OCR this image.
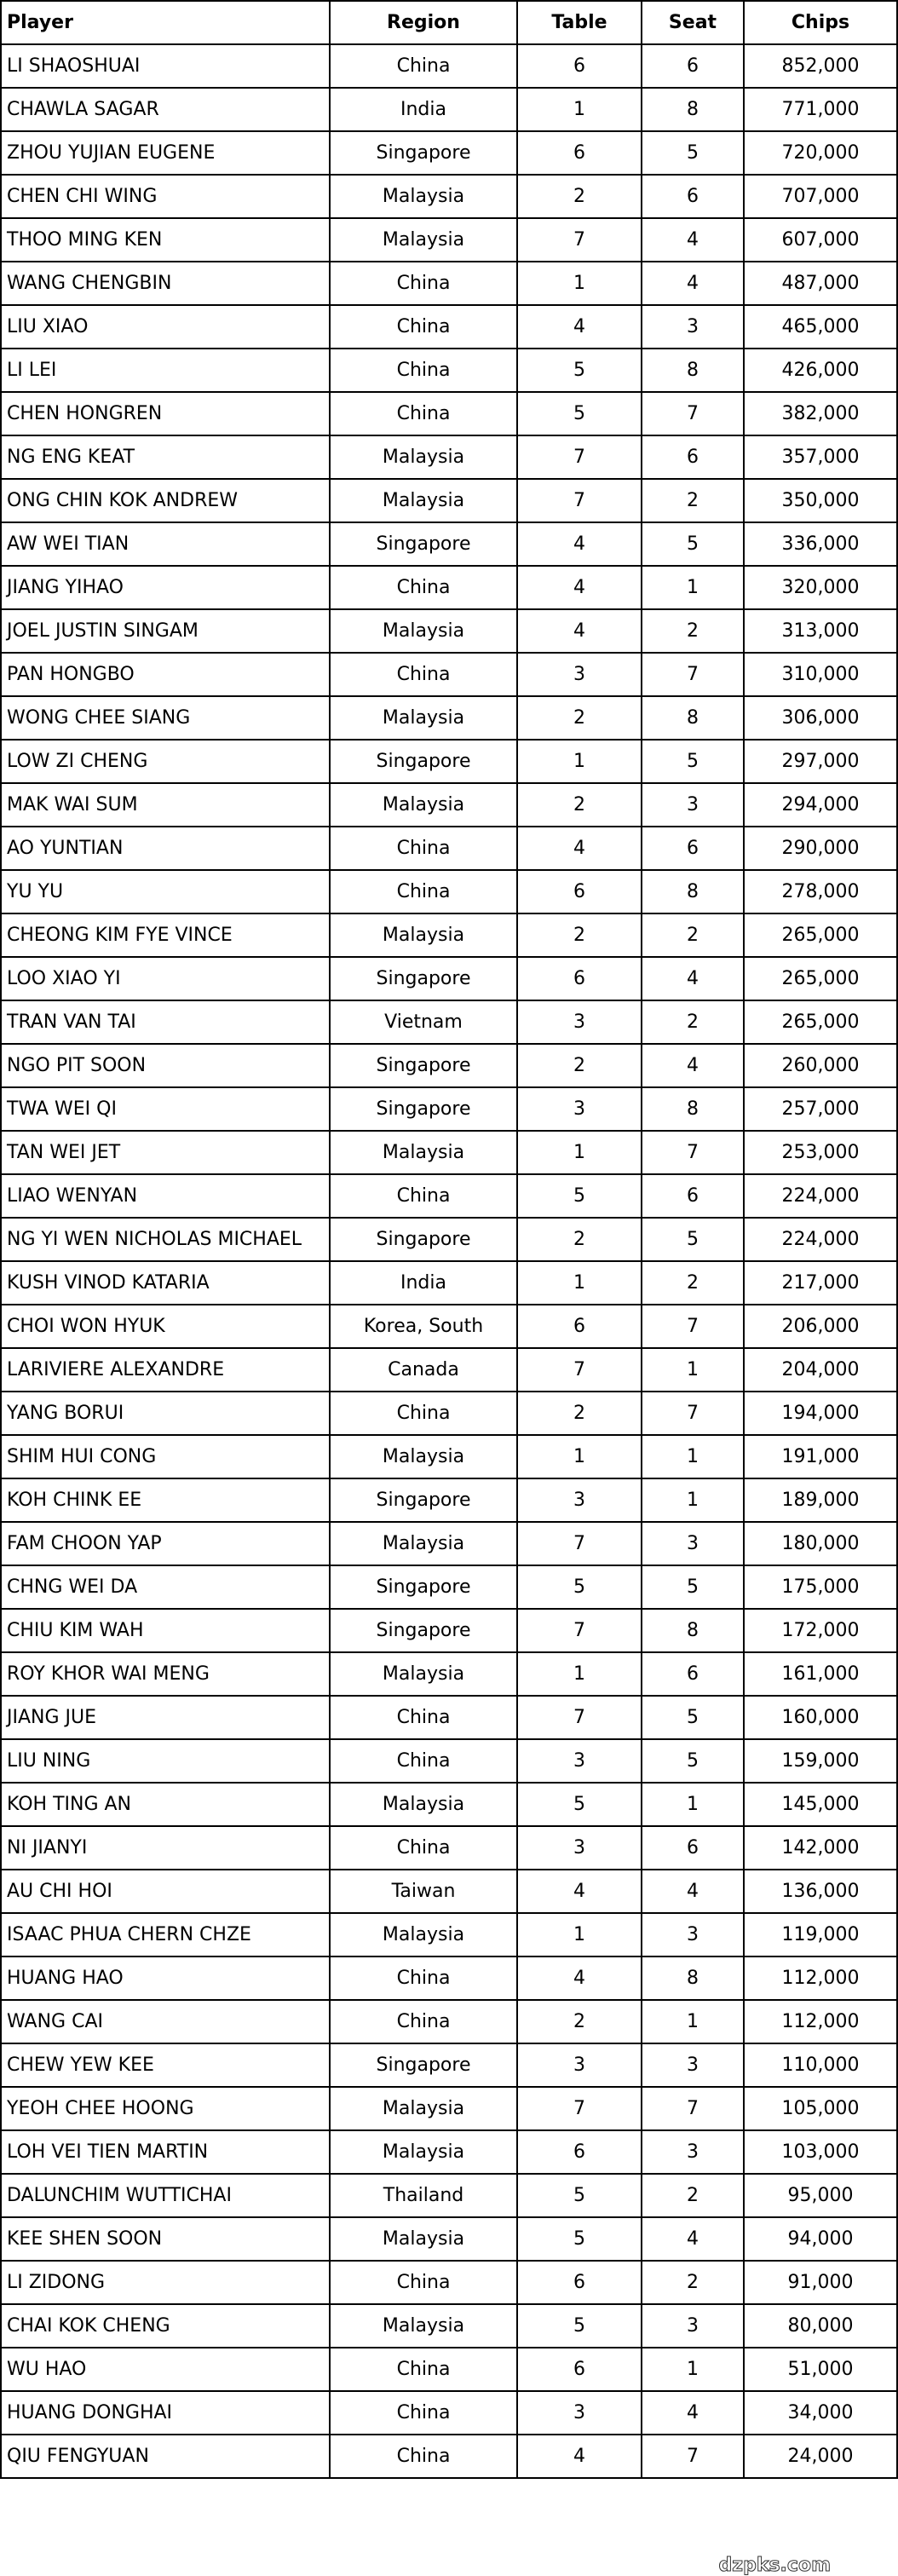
Player	Region	Table	Seat	Chips
LI SHAOSHUAI	China	6	6	852,000
CHAWLA SAGAR	India	1	8	771,000
ZHOU YUJIAN EUGENE	Singapore	6	5	720,000
CHEN CHI WING	Malaysia	2	6	707,000
THOO MING KEN	Malaysia	7	4	607,000
WANG CHENGBIN	China	1	4	487,000
LIU XIAO	China	4	3	465,000
LI LEI	China	5	8	426,000
CHEN HONGREN	China	5	7	382,000
NG ENG KEAT	Malaysia	7	6	357,000
ONG CHIN KOK ANDREW	Malaysia	7	2	350,000
AW WEI TIAN	Singapore	4	5	336,000
JIANG YIHAO	China	4	1	320,000
JOEL JUSTIN SINGAM	Malaysia	4	2	313,000
PAN HONGBO	China	3	7	310,000
WONG CHEE SIANG	Malaysia	2	8	306,000
LOW ZI CHENG	Singapore	1	5	297,000
MAK WAI SUM	Malaysia	2	3	294,000
AO YUNTIAN	China	4	6	290,000
YU YU	China	6	8	278,000
CHEONG KIM FYE VINCE	Malaysia	2	2	265,000
LOO XIAO YI	Singapore	6	4	265,000
TRAN VAN TAI	Vietnam	3	2	265,000
NGO PIT SOON	Singapore	2	4	260,000
TWA WEI QI	Singapore	3	8	257,000
TAN WEI JET	Malaysia	1	7	253,000
LIAO WENYAN	China	5	6	224,000
NG YI WEN NICHOLAS MICHAEL	Singapore	2	5	224,000
KUSH VINOD KATARIA	India	1	2	217,000
CHOI WON HYUK	Korea, South	6	7	206,000
LARIVIERE ALEXANDRE	Canada	7	1	204,000
YANG BORUI	China	2	7	194,000
SHIM HUI CONG	Malaysia	1	1	191,000
KOH CHINK EE	Singapore	3	1	189,000
FAM CHOON YAP	Malaysia	7	3	180,000
CHNG WEI DA	Singapore	5	5	175,000
CHIU KIM WAH	Singapore	7	8	172,000
ROY KHOR WAI MENG	Malaysia	1	6	161,000
JIANG JUE	China	7	5	160,000
LIU NING	China	3	5	159,000
KOH TING AN	Malaysia	5	1	145,000
NI JIANYI	China	3	6	142,000
AU CHI HOI	Taiwan	4	4	136,000
ISAAC PHUA CHERN CHZE	Malaysia	1	3	119,000
HUANG HAO	China	4	8	112,000
WANG CAI	China	2	1	112,000
CHEW YEW KEE	Singapore	3	3	110,000
YEOH CHEE HOONG	Malaysia	7	7	105,000
LOH VEI TIEN MARTIN	Malaysia	6	3	103,000
DALUNCHIM WUTTICHAI	Thailand	5	2	95,000
KEE SHEN SOON	Malaysia	5	4	94,000
LI ZIDONG	China	6	2	91,000
CHAI KOK CHENG	Malaysia	5	3	80,000
WU HAO	China	6	1	51,000
HUANG DONGHAI	China	3	4	34,000
QIU FENGYUAN	China	4	7	24,000
dzpks.com
